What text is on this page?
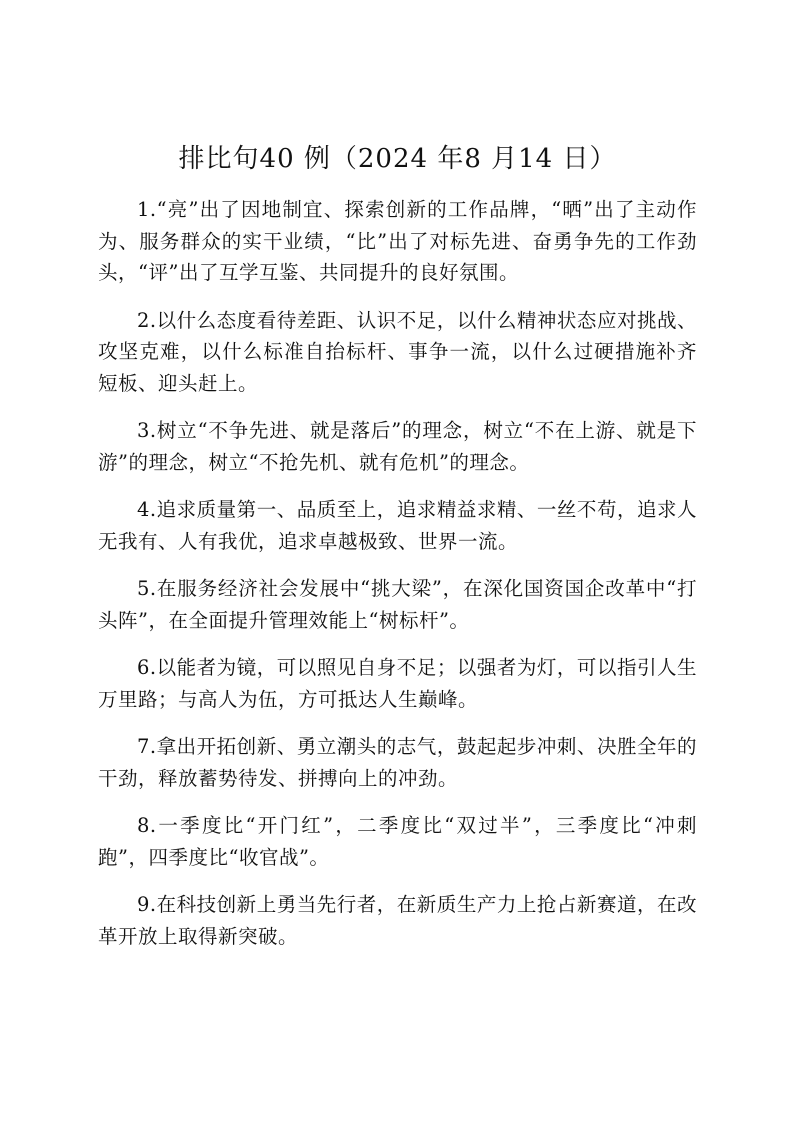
排比句40 例（2024 年8 月14 日）

1.“亮”出了因地制宜、探索创新的工作品牌，“晒”出了主动作为、服务群众的实干业绩，“比”出了对标先进、奋勇争先的工作劲头，“评”出了互学互鉴、共同提升的良好氛围。

2.以什么态度看待差距、认识不足，以什么精神状态应对挑战、攻坚克难，以什么标准自抬标杆、事争一流，以什么过硬措施补齐短板、迎头赶上。

3.树立“不争先进、就是落后”的理念，树立“不在上游、就是下游”的理念，树立“不抢先机、就有危机”的理念。

4.追求质量第一、品质至上，追求精益求精、一丝不苟，追求人无我有、人有我优，追求卓越极致、世界一流。

5.在服务经济社会发展中“挑大梁”，在深化国资国企改革中“打头阵”，在全面提升管理效能上“树标杆”。

6.以能者为镜，可以照见自身不足；以强者为灯，可以指引人生万里路；与高人为伍，方可抵达人生巅峰。

7.拿出开拓创新、勇立潮头的志气，鼓起起步冲刺、决胜全年的干劲，释放蓄势待发、拼搏向上的冲劲。

8.一季度比“开门红”，二季度比“双过半”，三季度比“冲刺跑”，四季度比“收官战”。

9.在科技创新上勇当先行者，在新质生产力上抢占新赛道，在改革开放上取得新突破。
